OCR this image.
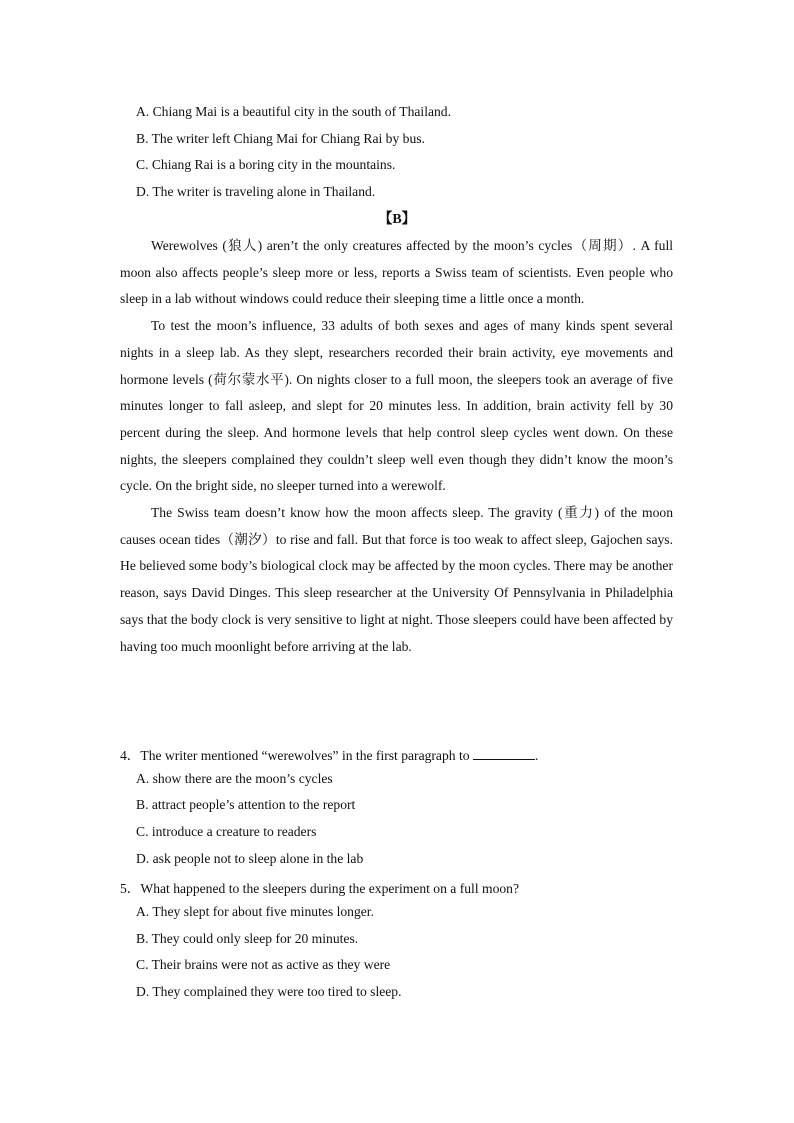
A. Chiang Mai is a beautiful city in the south of Thailand.
B. The writer left Chiang Mai for Chiang Rai by bus.
C. Chiang Rai is a boring city in the mountains.
D. The writer is traveling alone in Thailand.
【B】

Werewolves (狼人) aren’t the only creatures affected by the moon’s cycles（周期）. A full moon also affects people’s sleep more or less, reports a Swiss team of scientists. Even people who sleep in a lab without windows could reduce their sleeping time a little once a month.

To test the moon’s influence, 33 adults of both sexes and ages of many kinds spent several nights in a sleep lab. As they slept, researchers recorded their brain activity, eye movements and hormone levels (荷尔蒙水平). On nights closer to a full moon, the sleepers took an average of five minutes longer to fall asleep, and slept for 20 minutes less. In addition, brain activity fell by 30 percent during the sleep. And hormone levels that help control sleep cycles went down. On these nights, the sleepers complained they couldn’t sleep well even though they didn’t know the moon’s cycle. On the bright side, no sleeper turned into a werewolf.

The Swiss team doesn’t know how the moon affects sleep. The gravity (重力) of the moon causes ocean tides（潮汐）to rise and fall. But that force is too weak to affect sleep, Gajochen says. He believed some body’s biological clock may be affected by the moon cycles. There may be another reason, says David Dinges. This sleep researcher at the University Of Pennsylvania in Philadelphia says that the body clock is very sensitive to light at night. Those sleepers could have been affected by having too much moonlight before arriving at the lab.

4．The writer mentioned “werewolves” in the first paragraph to	.
A. show there are the moon’s cycles
B. attract people’s attention to the report
C. introduce a creature to readers
D. ask people not to sleep alone in the lab
5．What happened to the sleepers during the experiment on a full moon?
A. They slept for about five minutes longer.
B. They could only sleep for 20 minutes.
C. Their brains were not as active as they were
D. They complained they were too tired to sleep.
